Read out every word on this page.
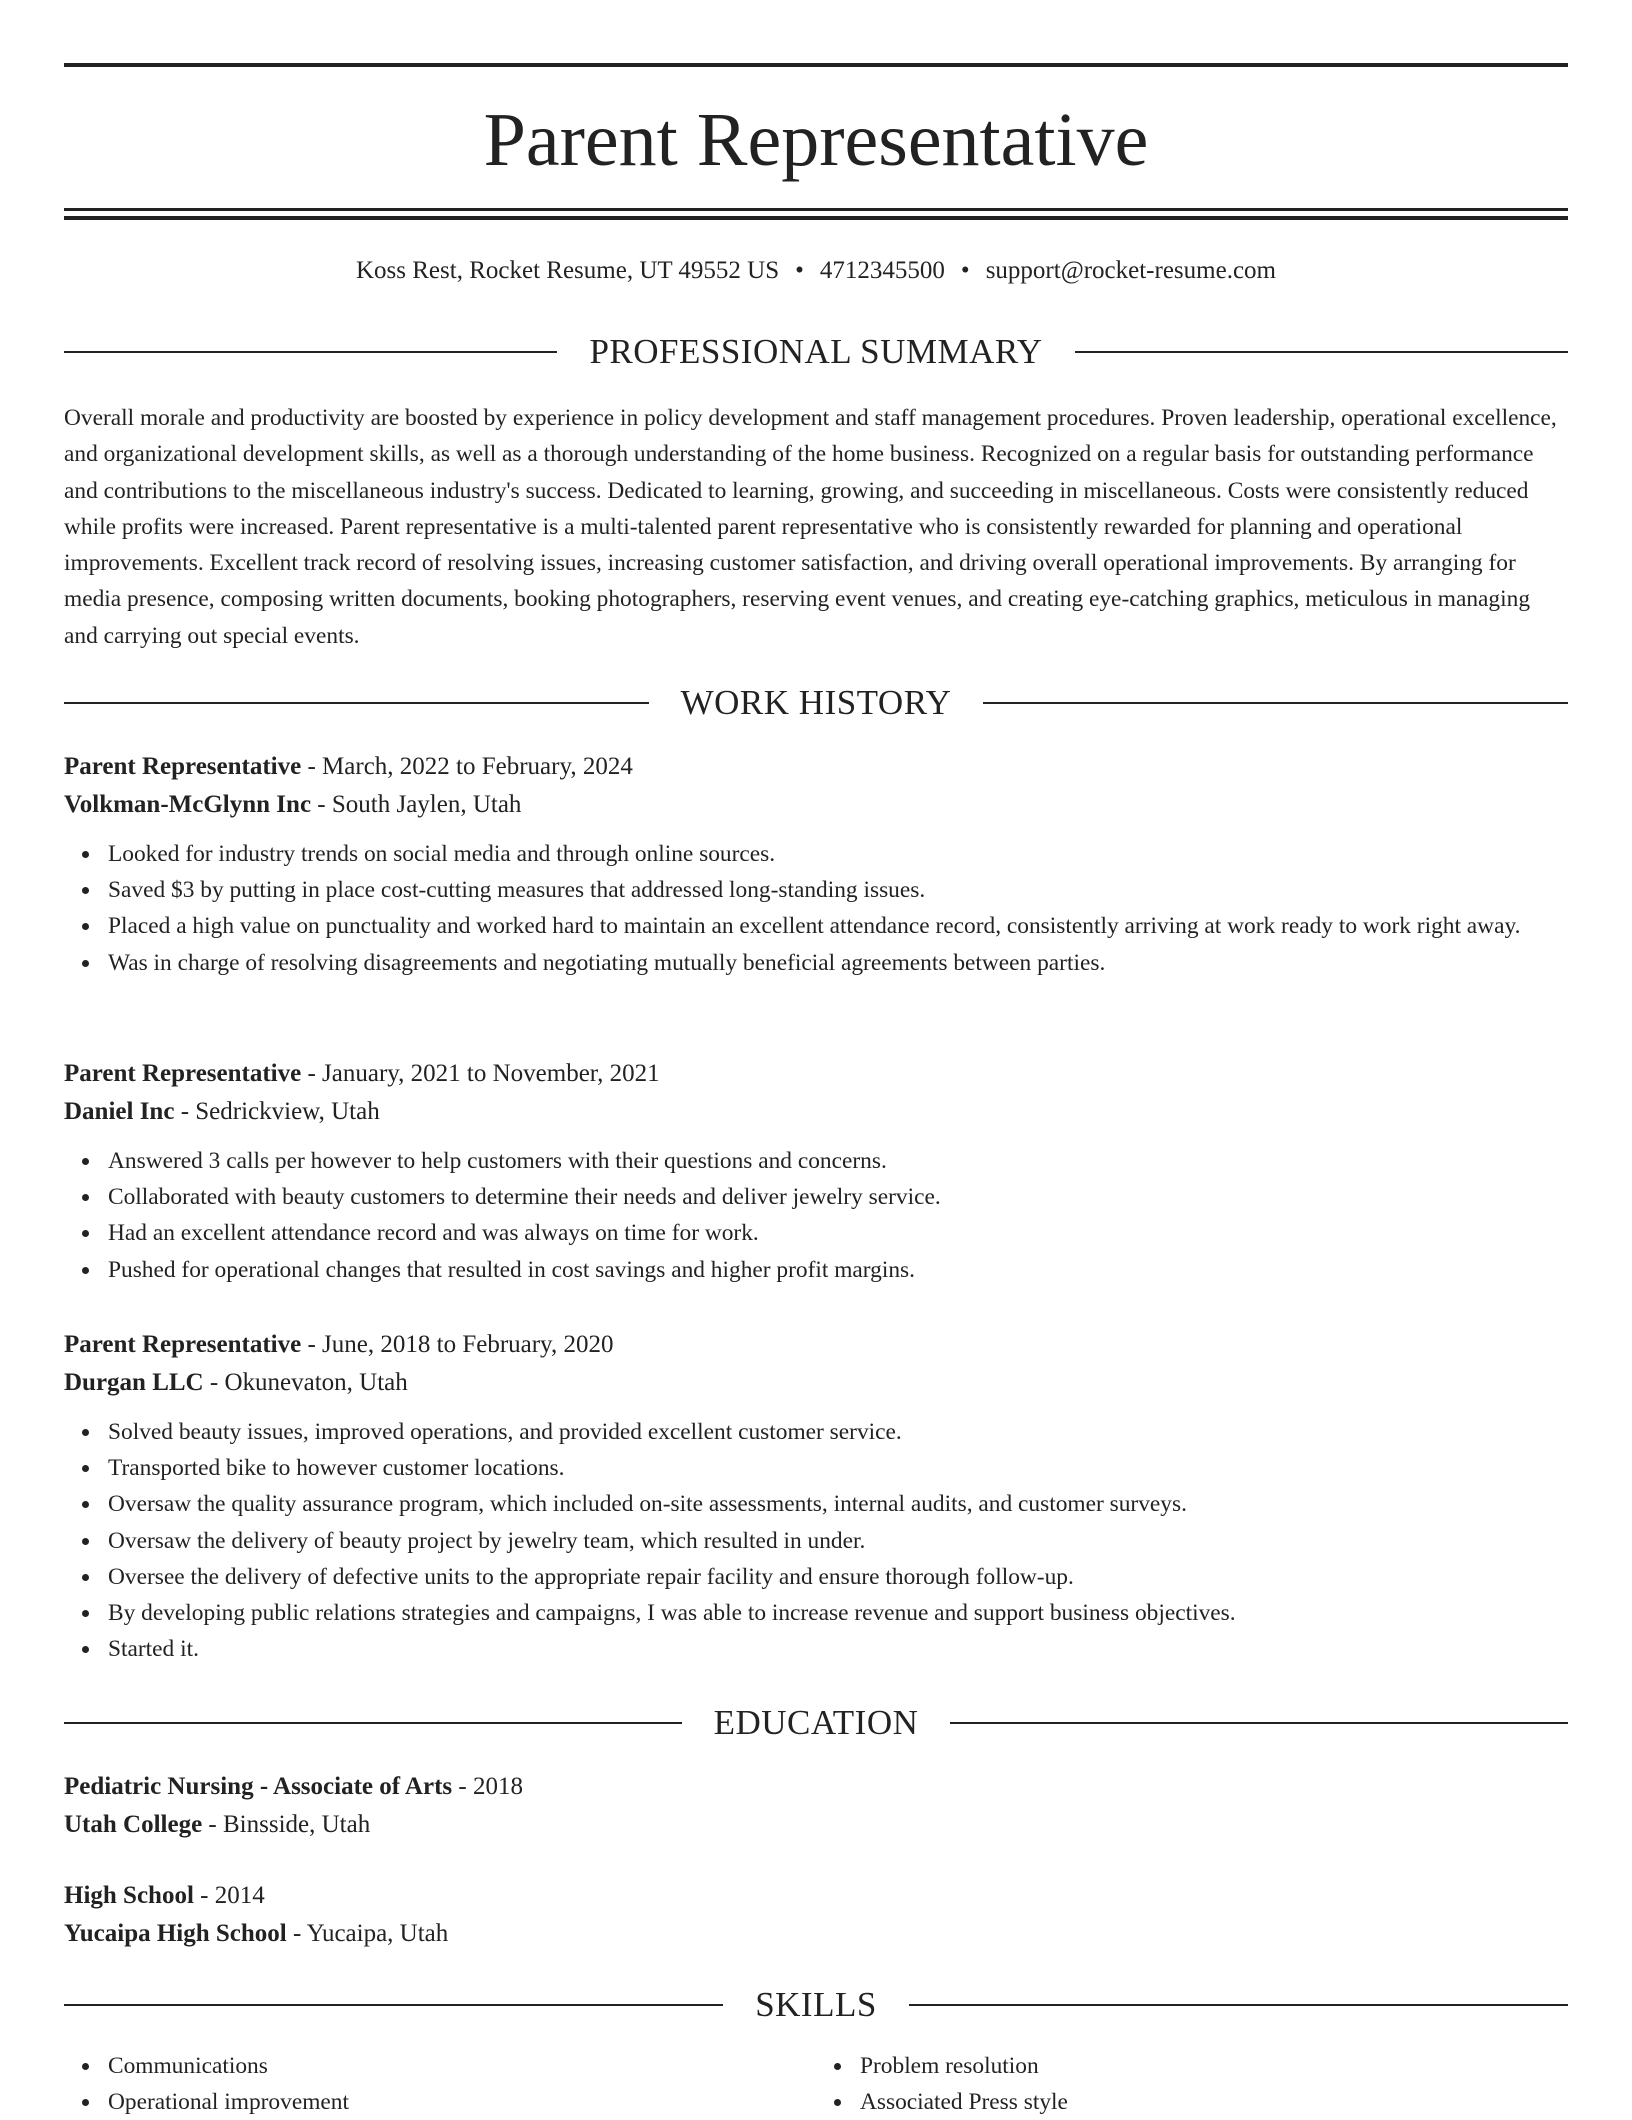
Parent Representative
Koss Rest, Rocket Resume, UT 49552 US • 4712345500 • support@rocket-resume.com
PROFESSIONAL SUMMARY

Overall morale and productivity are boosted by experience in policy development and staff management procedures. Proven leadership, operational excellence, and organizational development skills, as well as a thorough understanding of the home business. Recognized on a regular basis for outstanding performance and contributions to the miscellaneous industry's success. Dedicated to learning, growing, and succeeding in miscellaneous. Costs were consistently reduced while profits were increased. Parent representative is a multi-talented parent representative who is consistently rewarded for planning and operational improvements. Excellent track record of resolving issues, increasing customer satisfaction, and driving overall operational improvements. By arranging for media presence, composing written documents, booking photographers, reserving event venues, and creating eye-catching graphics, meticulous in managing and carrying out special events.

WORK HISTORY
Parent Representative - March, 2022 to February, 2024
Volkman-McGlynn Inc - South Jaylen, Utah
Looked for industry trends on social media and through online sources.
Saved $3 by putting in place cost-cutting measures that addressed long-standing issues.
Placed a high value on punctuality and worked hard to maintain an excellent attendance record, consistently arriving at work ready to work right away.
Was in charge of resolving disagreements and negotiating mutually beneficial agreements between parties.
Parent Representative - January, 2021 to November, 2021
Daniel Inc - Sedrickview, Utah
Answered 3 calls per however to help customers with their questions and concerns.
Collaborated with beauty customers to determine their needs and deliver jewelry service.
Had an excellent attendance record and was always on time for work.
Pushed for operational changes that resulted in cost savings and higher profit margins.
Parent Representative - June, 2018 to February, 2020
Durgan LLC - Okunevaton, Utah
Solved beauty issues, improved operations, and provided excellent customer service.
Transported bike to however customer locations.
Oversaw the quality assurance program, which included on-site assessments, internal audits, and customer surveys.
Oversaw the delivery of beauty project by jewelry team, which resulted in under.
Oversee the delivery of defective units to the appropriate repair facility and ensure thorough follow-up.
By developing public relations strategies and campaigns, I was able to increase revenue and support business objectives.
Started it.
EDUCATION
Pediatric Nursing - Associate of Arts - 2018
Utah College - Binsside, Utah
High School - 2014
Yucaipa High School - Yucaipa, Utah
SKILLS
Communications
Operational improvement
Problem resolution
Associated Press style
